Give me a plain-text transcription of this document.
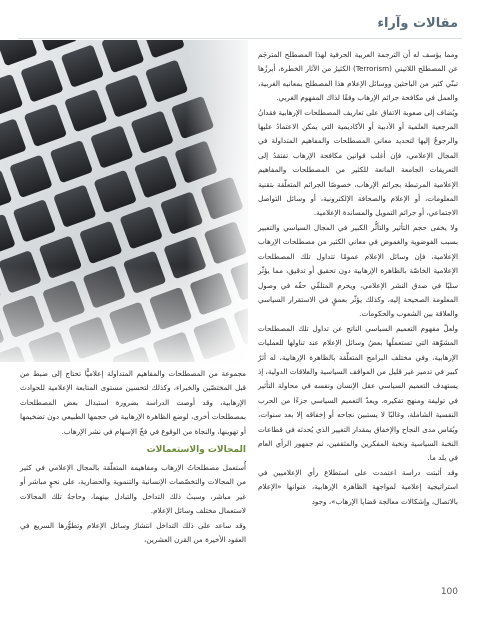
مقالات وآراء

ومما يؤسف له أن الترجمة العربية الحرفية لهذا المصطلح المترجَم عن المصطلح اللاتيني (Terrorism) الكثيرُ من الآثار الخطرة، أبرزُها تبنّي كثير من الباحثين ووسائل الإعلام هذا المصطلح بمعانيه الغربية، والعمل في مكافحة جرائم الإرهاب وفقًا لذاك المفهوم الغربي.

ويُضاف إلى صعوبة الاتفاق على تعاريف المصطلحات الإرهابية فقدانُ المرجعية العلمية أو الأدبية أو الأكاديمية التي يمكن الاعتمادُ عليها والرجوعُ إليها لتحديد معاني المصطلحات والمفاهيم المتداولة في المجال الإعلامي، فإن أغلب قوانين مكافحة الإرهاب تفتقدُ إلى التعريفات الجامعة المانعة للكثير من المصطلحات والمفاهيم الإعلامية المرتبطة بجرائم الإرهاب، خصوصًا الجرائم المتعلّقة بتقنية المعلومات، أو الإعلام والصحافة الإلكترونية، أو وسائل التواصل الاجتماعي، أو جرائم التمويل والمساندة الإعلامية.

ولا يخفى حجم التأثير والتأثُّر الكبير في المجال السياسي والتعبير بسبب الفوضوية والغموض في معاني الكثير من مصطلحات الإرهاب الإعلامية، فإن وسائل الإعلام عمومًا تتداول تلك المصطلحات الإعلامية الخاصّة بالظاهرة الإرهابية دون تحقيق أو تدقيق، مما يؤثّر سلبًا في صدق النشر الإعلامي، ويحرم المتلقّي حقّه في وصول المعلومة الصحيحة إليه، وكذلك يؤثّر بعمقٍ في الاستقرار السياسي والعلاقة بين الشعوب والحكومات.

ولعلّ مفهوم التعميم السياسي الناتج عن تداول تلك المصطلحات المشوّهة التي تستعملُها بعضُ وسائل الإعلام عند تناولها للعمليات الإرهابية، وفي مختلف البرامج المتعلّقة بالظاهرة الإرهابية، له أثرٌ كبير في تدمير غير قليل من المواقف السياسية والعلاقات الدولية، إذ يستهدف التعميم السياسي عقل الإنسان ونفسه في محاولة التأثير في توليفة ومنهج تفكيره، ويعدّ التعميم السياسي جزءًا من الحرب النفسية الشاملة، وغالبًا لا يستبين نجاحه أو إخفاقه إلا بعد سنوات، ويُقاس مدى النجاح والإخفاق بمقدار التغيير الذي يُحدثه في قطاعات النخبة السياسية ونخبة المفكرين والمثقفين، ثم جمهور الرأي العام في بلد ما.

وقد أثبتت دراسة اعتمدت على استطلاع رأي الإعلاميين في استراتيجية إعلامية لمواجهة الظاهرة الإرهابية، عنوانها «الإعلام بالاتصال، وإشكالات معالجة قضايا الإرهاب»، وجود

مجموعة من المصطلحات والمفاهيم المتداولة إعلاميًّا تحتاج إلى ضبط من قبل المختصّين والخبراء، وكذلك لتحسين مستوى المتابعة الإعلامية للحوادث الإرهابية، وقد أوصت الدراسة بضرورة استبدال بعض المصطلحات بمصطلحات أخرى، لوضع الظاهرة الإرهابية في حجمها الطبيعي دون تضخيمها أو تهوينها، والنجاة من الوقوع في فخّ الإسهام في نشر الإرهاب.

المجالات والاستعمالات

أُستعمل مصطلحاتُ الإرهاب ومفاهيمه المتعلّقة بالمجال الإعلامي في كثير من المجالات والتخصّصات الإنسانية والتنموية والحضارية، على نحوٍ مباشر أو غير مباشر، وسببُ ذلك التداخل والتبادل بينهما، وحاجةُ تلك المجالات لاستعمال مختلف وسائل الإعلام.

وقد ساعد على ذلك التداخل انتشارُ وسائل الإعلام وتطوُّرها السريع في العقود الأخيرة من القرن العشرين،

100
